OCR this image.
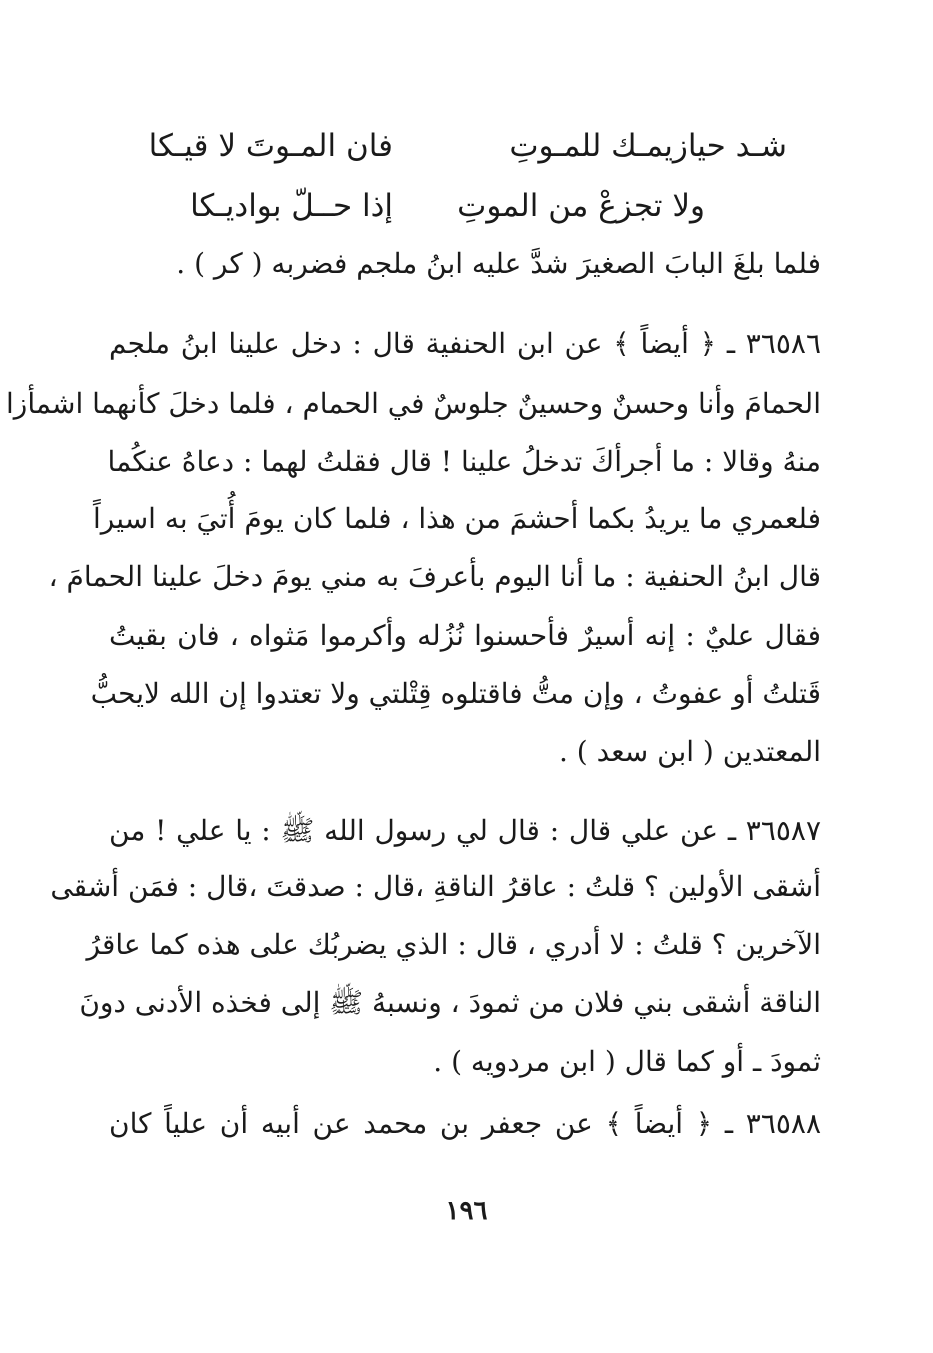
شـد حيازيمـك للمـوتِ
فان المـوتَ لا قيـكا
ولا تجزعْ من الموتِ
إذا حــلّ بواديـكا
فلما بلغَ البابَ الصغيرَ شدَّ عليه ابنُ ملجم فضربه ( كر ) .
٣٦٥٨٦ ـ ﴿ أيضاً ﴾ عن ابن الحنفية قال : دخل علينا ابنُ ملجم
الحمامَ وأنا وحسنٌ وحسينٌ جلوسٌ في الحمام ، فلما دخلَ كأنهما اشمأزا
منهُ وقالا : ما أجرأكَ تدخلُ علينا ! قال فقلتُ لهما : دعاهُ عنكُما
فلعمري ما يريدُ بكما أحشمَ من هذا ، فلما كان يومَ أُتيَ به اسيراً
قال ابنُ الحنفية : ما أنا اليوم بأعرفَ به مني يومَ دخلَ علينا الحمامَ ،
فقال عليٌ : إنه أسيرٌ فأحسنوا نُزُله وأكرموا مَثواه ، فان بقيتُ
قَتلتُ أو عفوتُ ، وإن متُّ فاقتلوه قِتْلتي ولا تعتدوا إن الله لايحبُّ
المعتدين ( ابن سعد ) .
٣٦٥٨٧ ـ عن علي قال : قال لي رسول الله ﷺ : يا علي ! من
أشقى الأولين ؟ قلتُ : عاقرُ الناقةِ ،قال : صدقتَ ،قال : فمَن أشقى
الآخرين ؟ قلتُ : لا أدري ، قال : الذي يضربُك على هذه كما عاقرُ
الناقة أشقى بني فلان من ثمودَ ، ونسبهُ ﷺ إلى فخذه الأدنى دونَ
ثمودَ ـ أو كما قال ( ابن مردويه ) .
٣٦٥٨٨ ـ ﴿ أيضاً ﴾ عن جعفر بن محمد عن أبيه أن علياً كان
١٩٦
